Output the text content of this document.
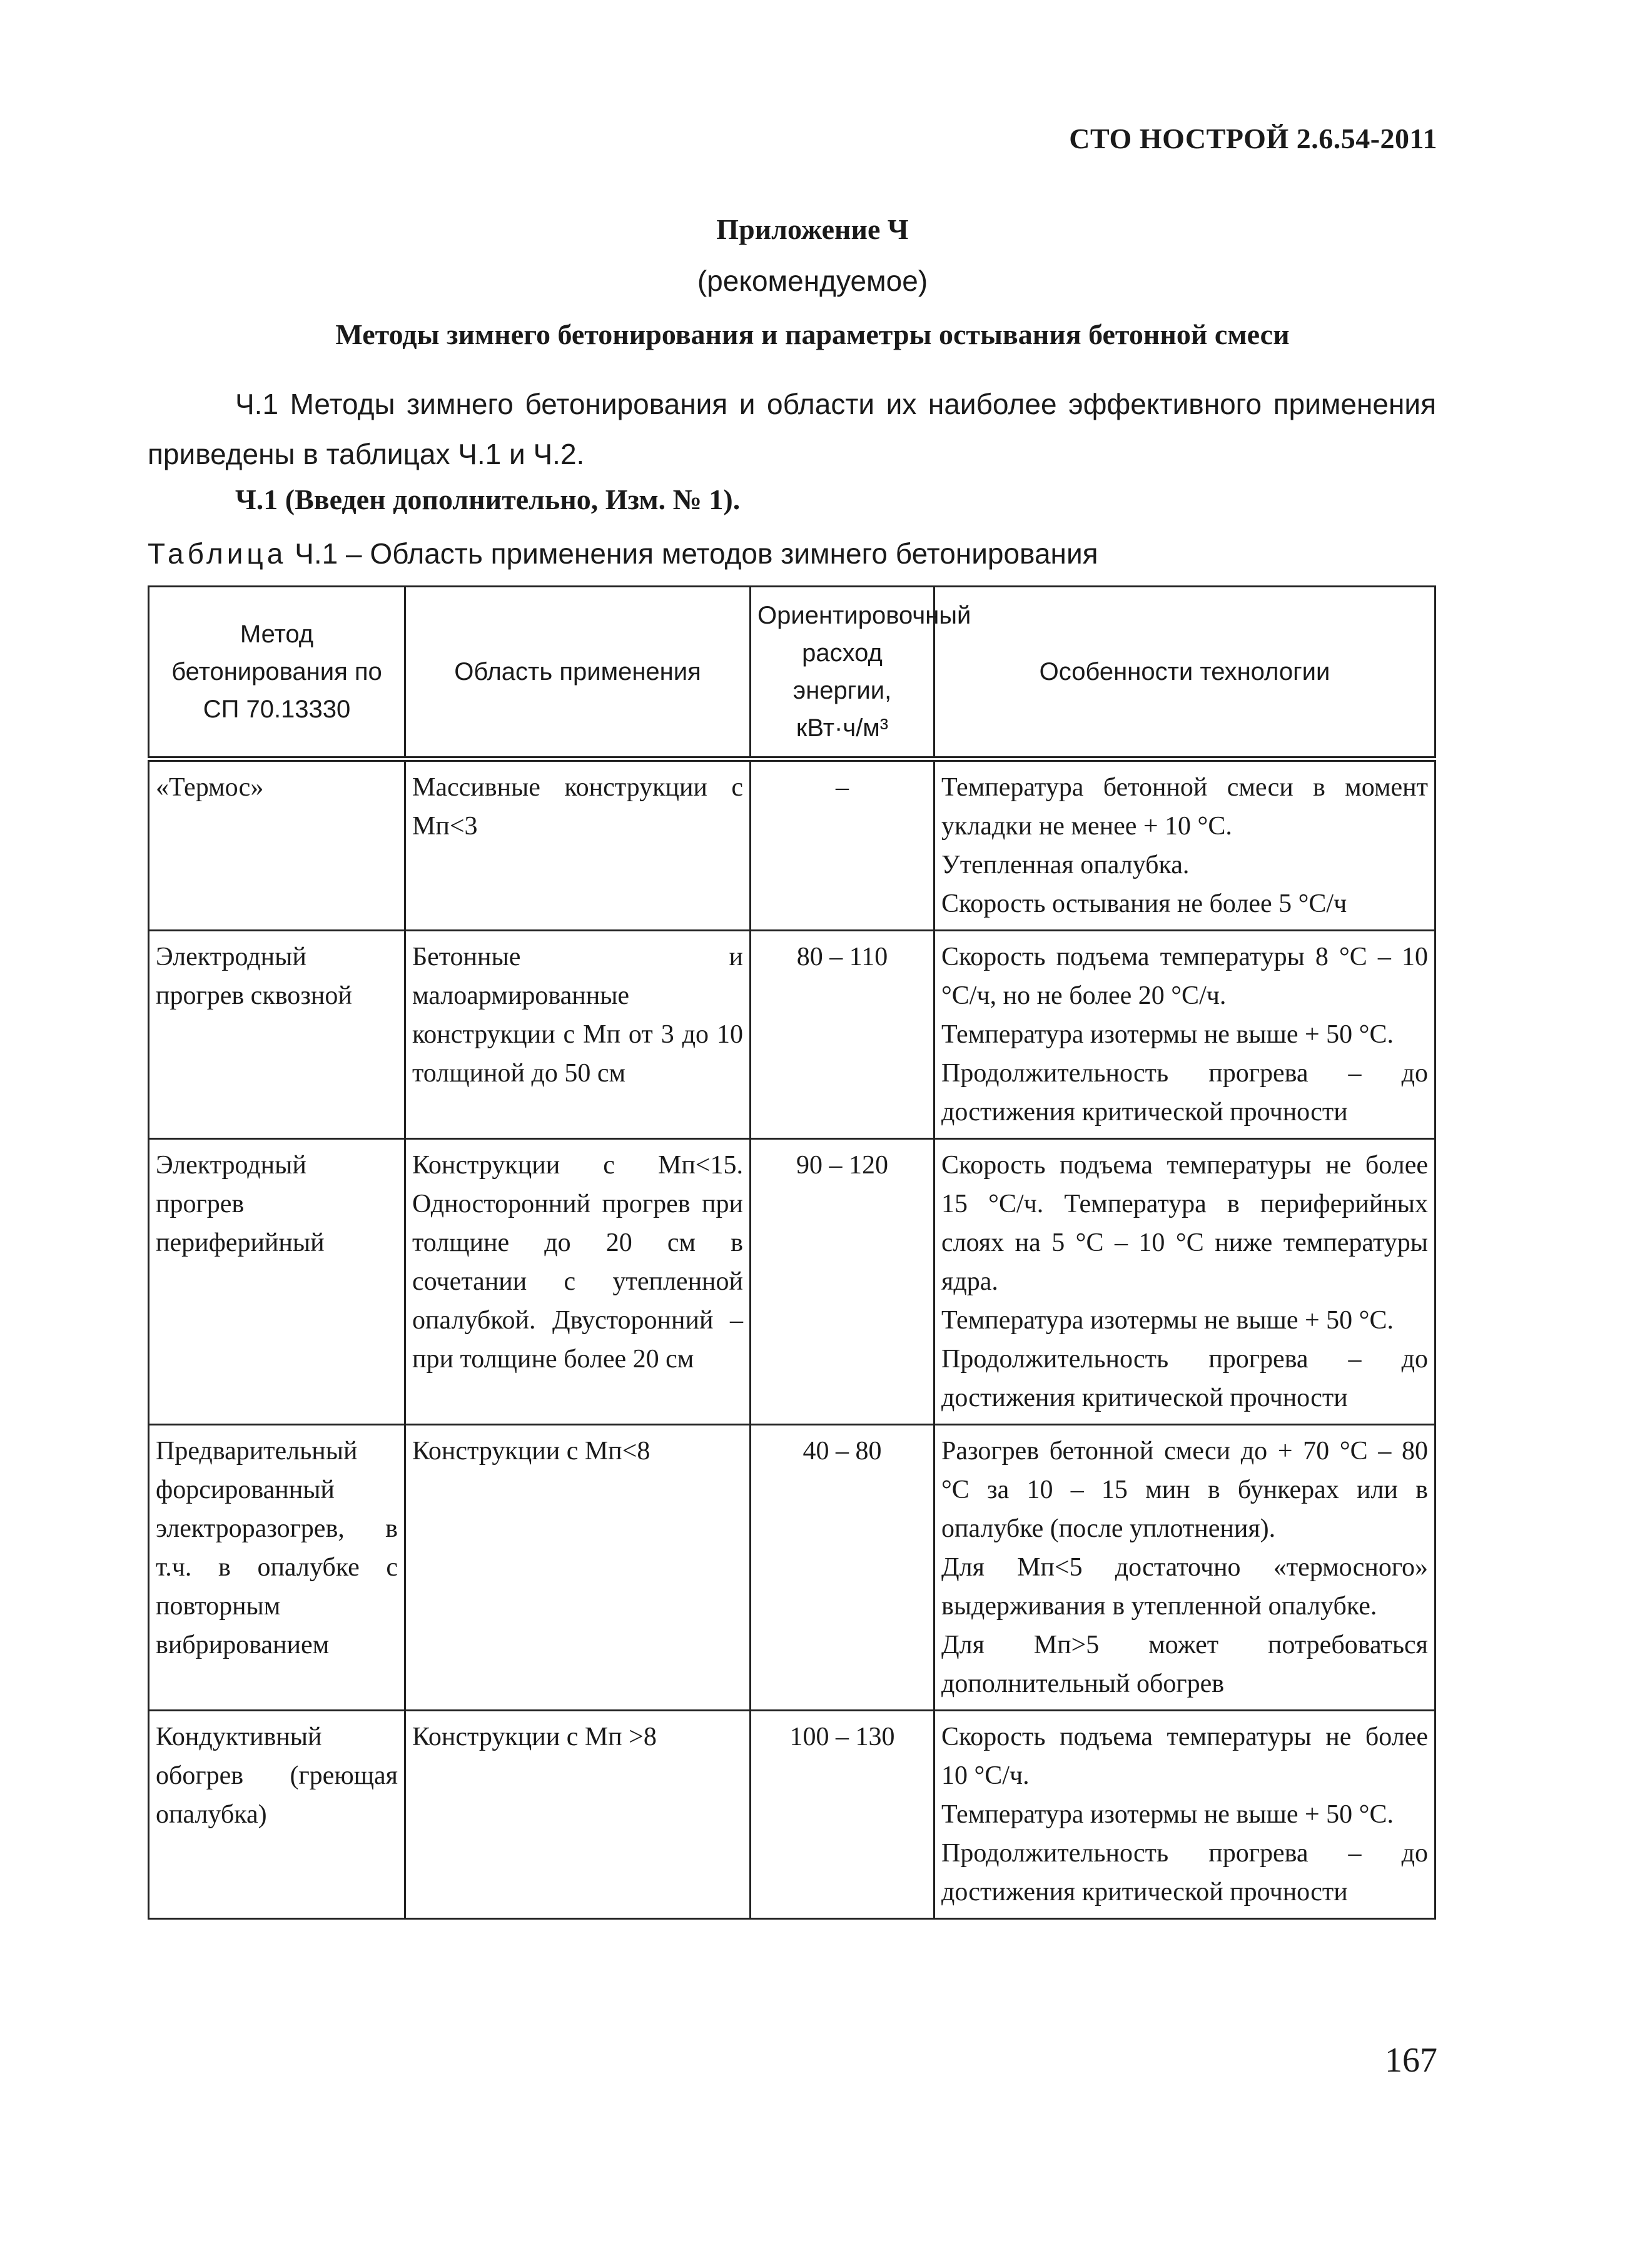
СТО НОСТРОЙ 2.6.54-2011
Приложение Ч
(рекомендуемое)
Методы зимнего бетонирования и параметры остывания бетонной смеси
Ч.1 Методы зимнего бетонирования и области их наиболее эффективного применения
приведены в таблицах Ч.1 и Ч.2.
Ч.1 (Введен дополнительно, Изм. № 1).
Таблица Ч.1 – Область применения методов зимнего бетонирования
Метод бетонирования по СП 70.13330	Область применения	Ориентировочный расход энергии, кВт·ч/м³	Особенности технологии
«Термос»	Массивные конструкции с Mп<3	–	Температура бетонной смеси в момент укладки не менее + 10 °С.
Утепленная опалубка.
Скорость остывания не более 5 °С/ч

Электродный прогрев сквозной	Бетонные и малоармированные конструкции с Mп от 3 до 10 толщиной до 50 см	80 – 110	Скорость подъема температуры 8 °С – 10 °С/ч, но не более 20 °С/ч.
Температура изотермы не выше + 50 °С.
Продолжительность прогрева – до достижения критической прочности

Электродный прогрев периферийный	Конструкции с Mп<15. Односторонний прогрев при толщине до 20 см в сочетании с утепленной опалубкой. Двусторонний – при толщине более 20 см	90 – 120	Скорость подъема температуры не более 15 °С/ч. Температура в периферийных слоях на 5 °С – 10 °С ниже температуры ядра.
Температура изотермы не выше + 50 °С.
Продолжительность прогрева – до достижения критической прочности

Предварительный форсированный электроразогрев, в т.ч. в опалубке с повторным вибрированием	Конструкции с Mп<8	40 – 80	Разогрев бетонной смеси до + 70 °С – 80 °С за 10 – 15 мин в бункерах или в опалубке (после уплотнения).
Для Mп<5 достаточно «термосного» выдерживания в утепленной опалубке.
Для Mп>5 может потребоваться дополнительный обогрев

Кондуктивный обогрев (греющая опалубка)	Конструкции с Mп >8	100 – 130	Скорость подъема температуры не более 10 °С/ч.
Температура изотермы не выше + 50 °С.
Продолжительность прогрева – до достижения критической прочности
167
